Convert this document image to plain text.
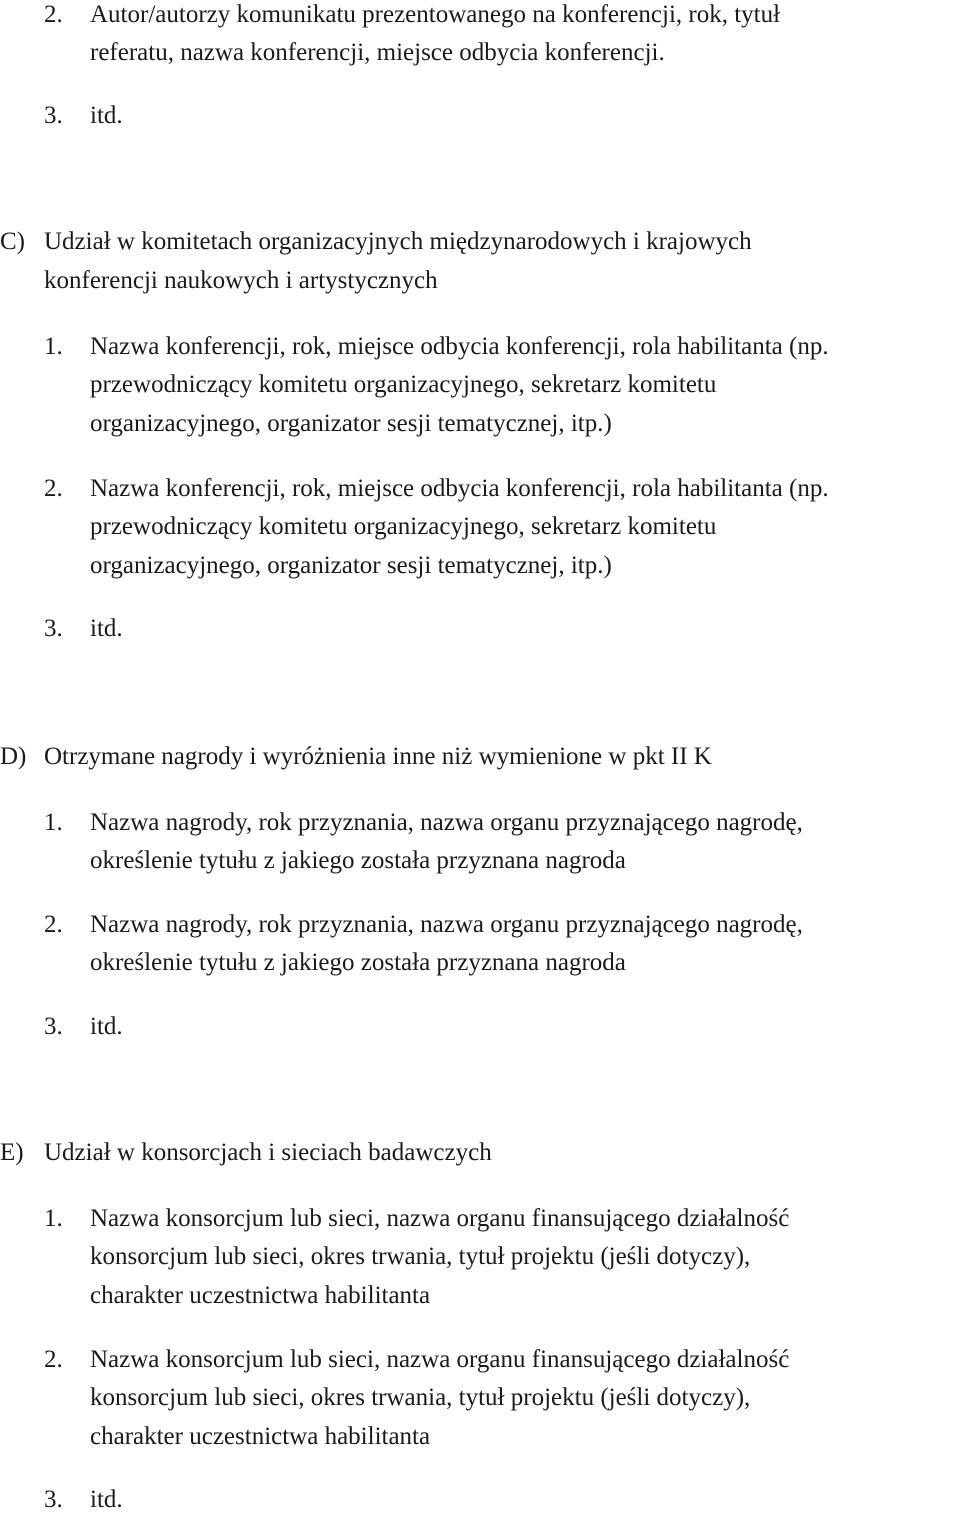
2. Autor/autorzy komunikatu prezentowanego na konferencji, rok, tytuł
referatu, nazwa konferencji, miejsce odbycia konferencji.
3. itd.
C) Udział w komitetach organizacyjnych międzynarodowych i krajowych
konferencji naukowych i artystycznych
1. Nazwa konferencji, rok, miejsce odbycia konferencji, rola habilitanta (np.
przewodniczący komitetu organizacyjnego, sekretarz komitetu
organizacyjnego, organizator sesji tematycznej, itp.)
2. Nazwa konferencji, rok, miejsce odbycia konferencji, rola habilitanta (np.
przewodniczący komitetu organizacyjnego, sekretarz komitetu
organizacyjnego, organizator sesji tematycznej, itp.)
3. itd.
D) Otrzymane nagrody i wyróżnienia inne niż wymienione w pkt II K
1. Nazwa nagrody, rok przyznania, nazwa organu przyznającego nagrodę,
określenie tytułu z jakiego została przyznana nagroda
2. Nazwa nagrody, rok przyznania, nazwa organu przyznającego nagrodę,
określenie tytułu z jakiego została przyznana nagroda
3. itd.
E) Udział w konsorcjach i sieciach badawczych
1. Nazwa konsorcjum lub sieci, nazwa organu finansującego działalność
konsorcjum lub sieci, okres trwania, tytuł projektu (jeśli dotyczy),
charakter uczestnictwa habilitanta
2. Nazwa konsorcjum lub sieci, nazwa organu finansującego działalność
konsorcjum lub sieci, okres trwania, tytuł projektu (jeśli dotyczy),
charakter uczestnictwa habilitanta
3. itd.
